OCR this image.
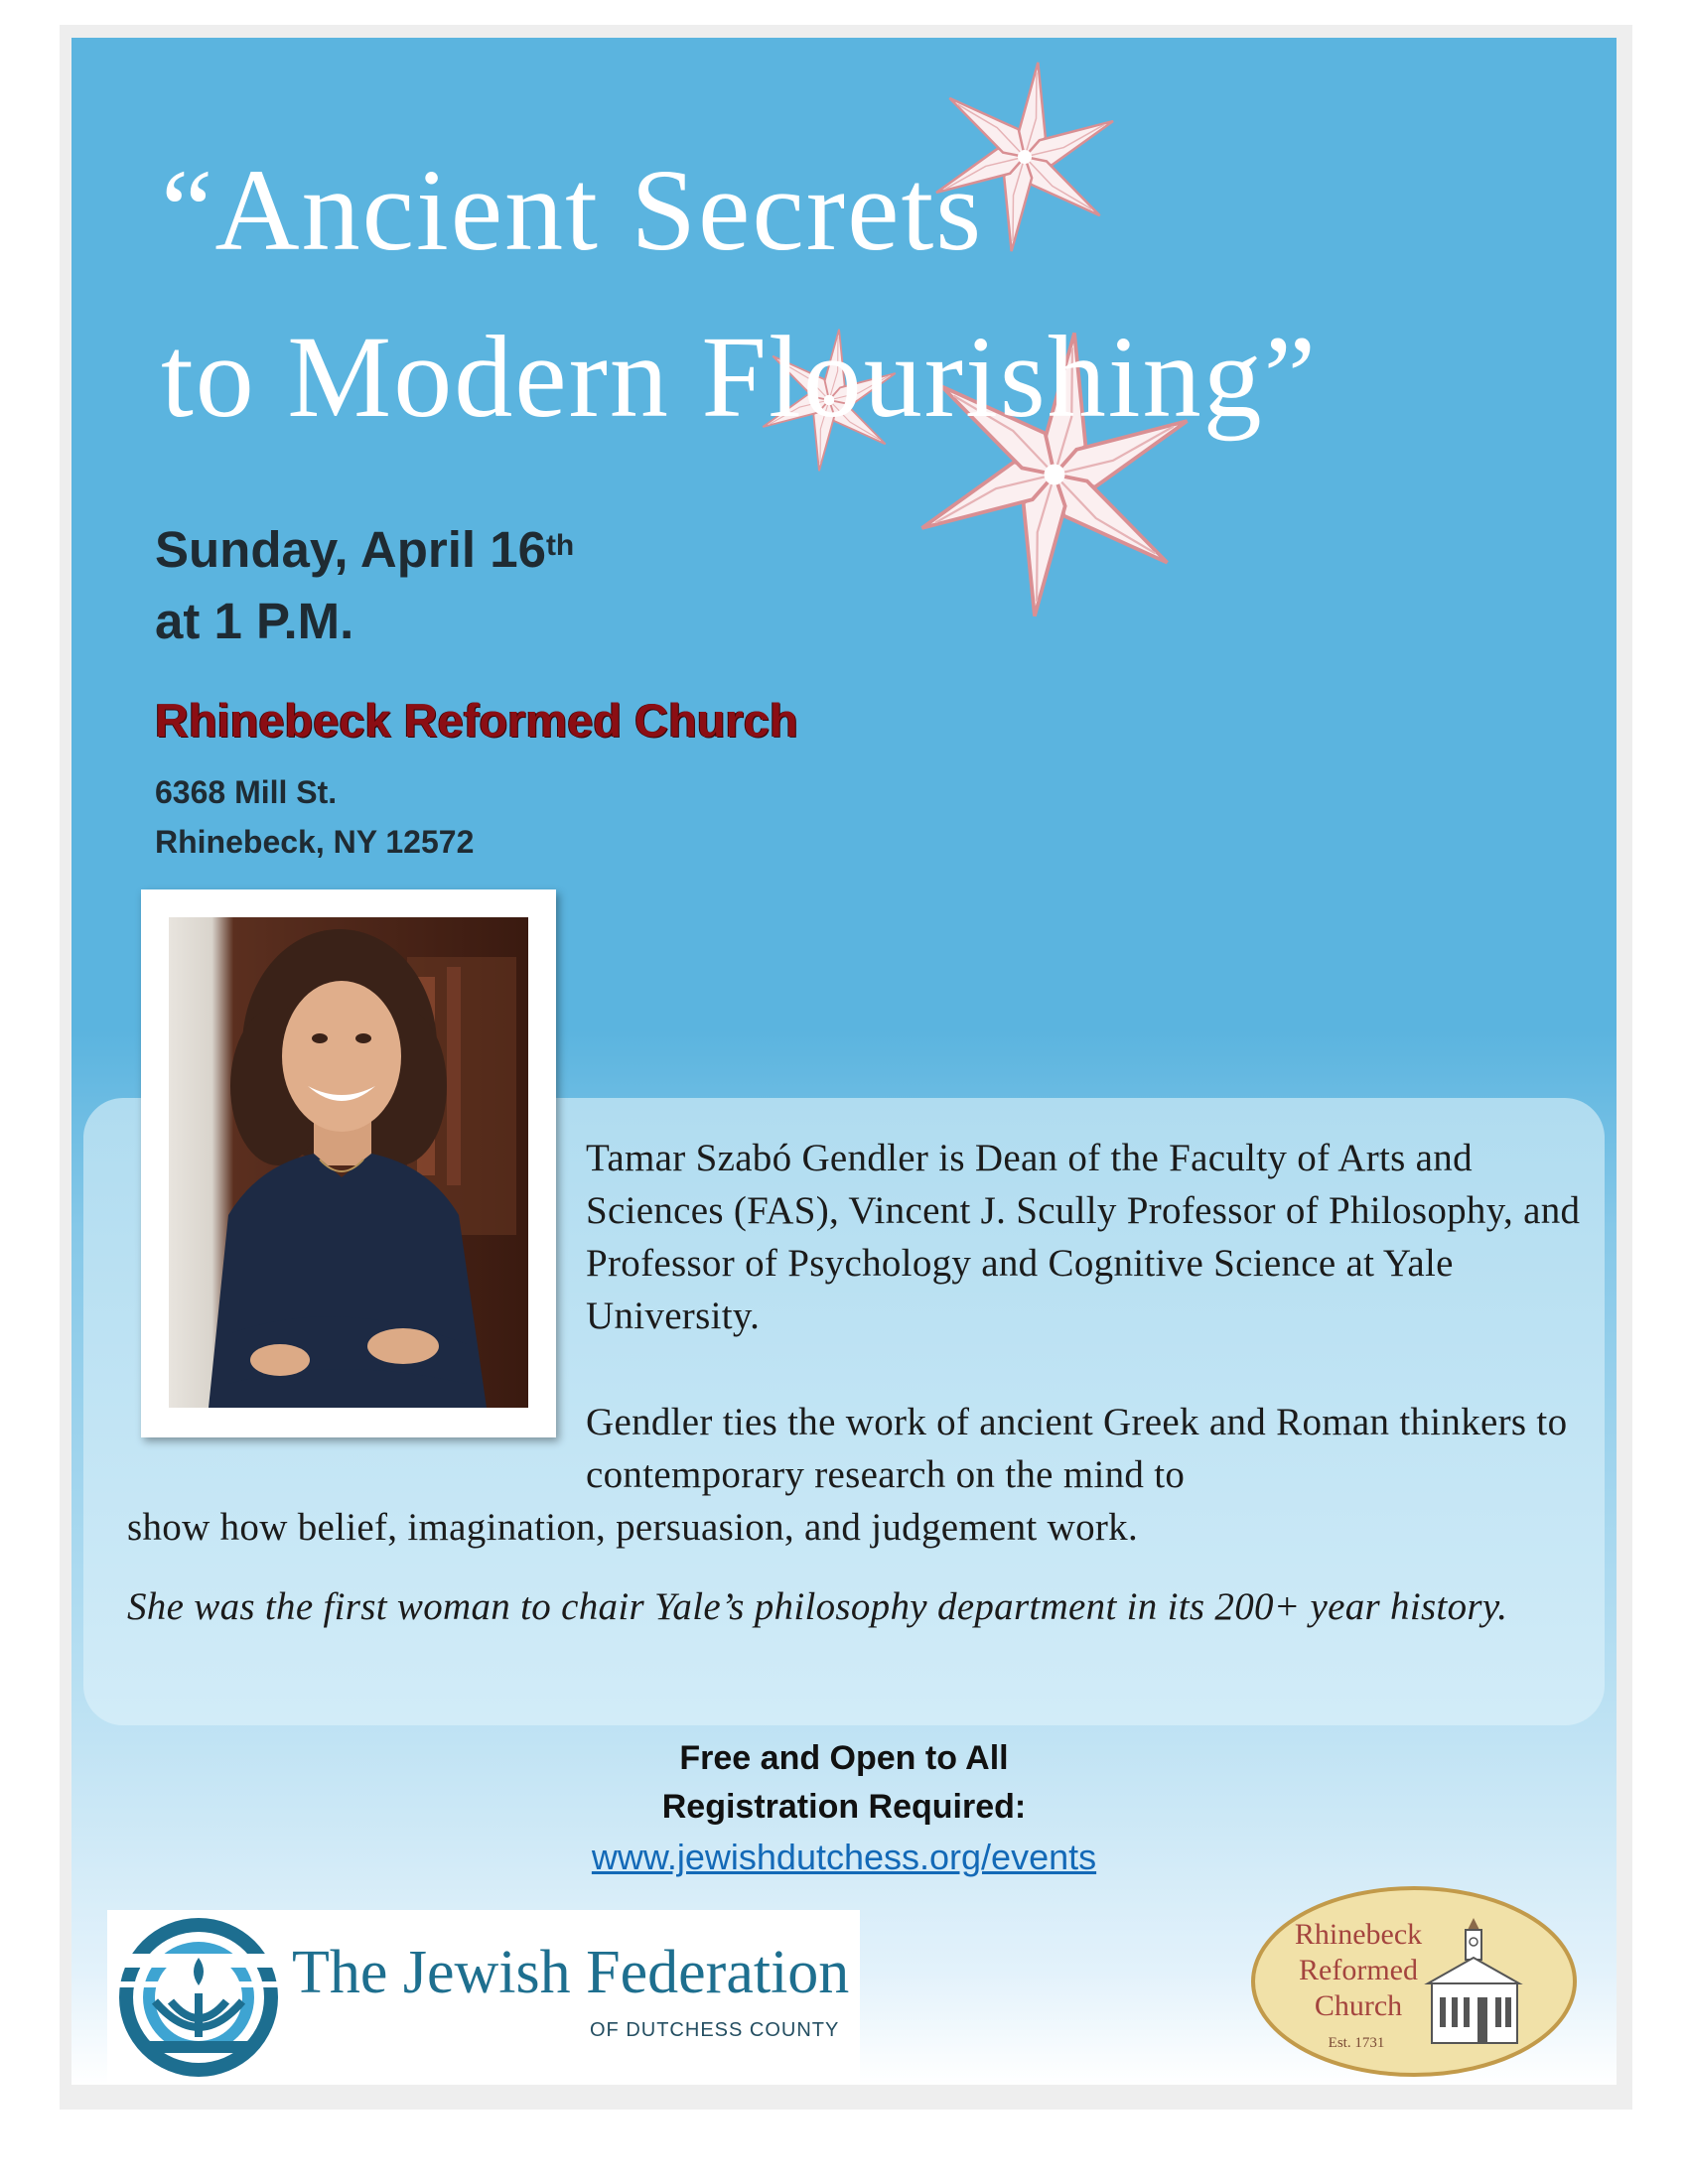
“Ancient Secrets
to Modern Flourishing”
Sunday, April 16th
at 1 P.M.
Rhinebeck Reformed Church
6368 Mill St.
Rhinebeck, NY 12572

Tamar Szabó Gendler is Dean of the Faculty of Arts and Sciences (FAS), Vincent J. Scully Professor of Philosophy, and Professor of Psychology and Cognitive Science at Yale University.

Gendler ties the work of ancient Greek and Roman thinkers to contemporary research on the mind to

show how belief, imagination, persuasion, and judgement work.

She was the first woman to chair Yale’s philosophy department in its 200+ year history.

Free and Open to All
Registration Required:
www.jewishdutchess.org/events
The Jewish Federation
OF DUTCHESS COUNTY
Rhinebeck
Reformed
Church
Est. 1731
